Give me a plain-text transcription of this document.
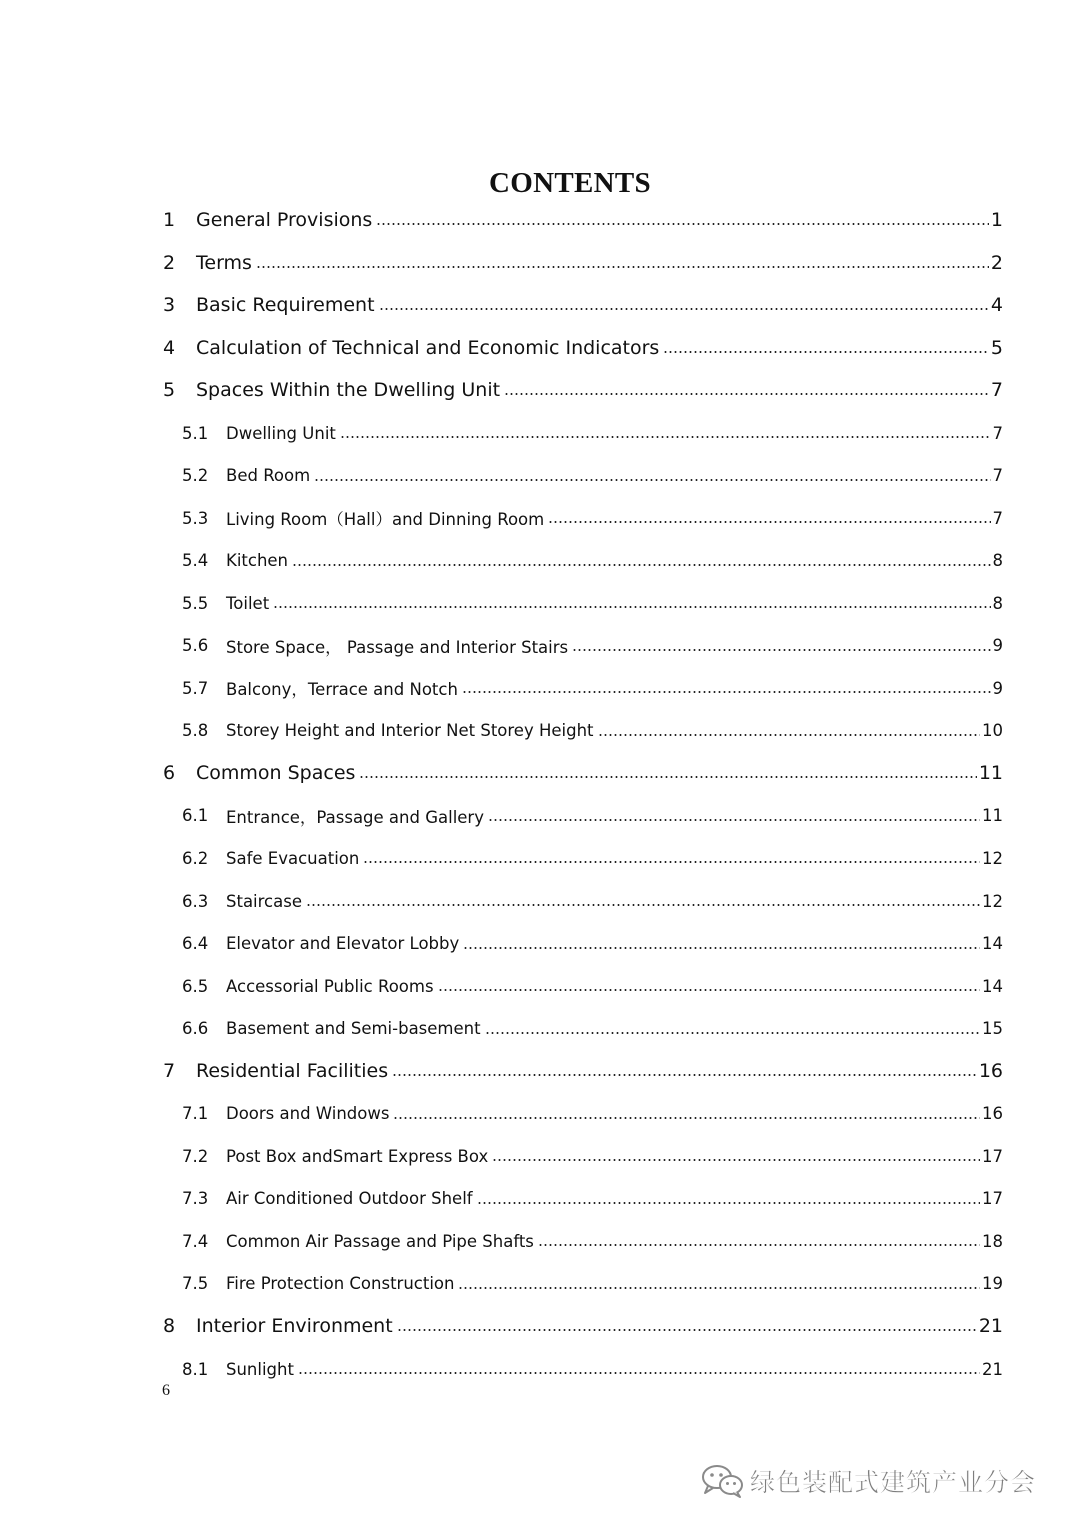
CONTENTS
1	General Provisions	1
2	Terms	2
3	Basic Requirement	4
4	Calculation of Technical and Economic Indicators	5
5	Spaces Within the Dwelling Unit	7
5.1	Dwelling Unit	7
5.2	Bed Room	7
5.3	Living Room（Hall）and Dinning Room	7
5.4	Kitchen	8
5.5	Toilet	8
5.6	Store Space， Passage and Interior Stairs	9
5.7	Balcony，Terrace and Notch	9
5.8	Storey Height and Interior Net Storey Height	10
6	Common Spaces	11
6.1	Entrance，Passage and Gallery	11
6.2	Safe Evacuation	12
6.3	Staircase	12
6.4	Elevator and Elevator Lobby	14
6.5	Accessorial Public Rooms	14
6.6	Basement and Semi-basement	15
7	Residential Facilities	16
7.1	Doors and Windows	16
7.2	Post Box andSmart Express Box	17
7.3	Air Conditioned Outdoor Shelf	17
7.4	Common Air Passage and Pipe Shafts	18
7.5	Fire Protection Construction	19
8	Interior Environment	21
8.1	Sunlight	21
6
绿色装配式建筑产业分会
